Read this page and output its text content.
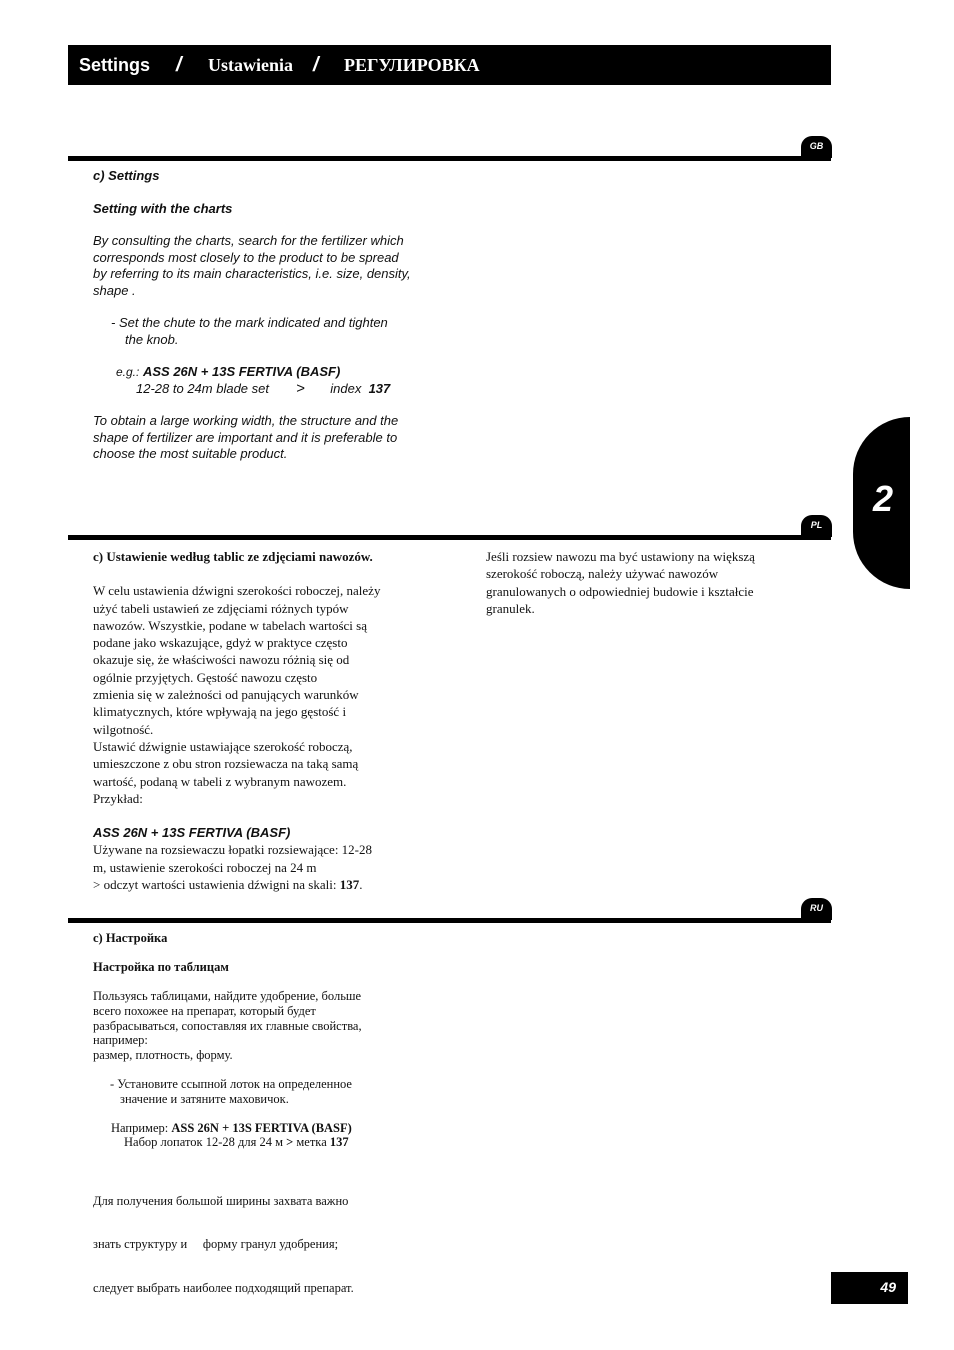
Settings / Ustawienia / РЕГУЛИРОВКА
2
GB
c) Settings
Setting with the charts
By consulting the charts, search for the fertilizer which
corresponds most closely to the product to be spread
by referring to its main characteristics, i.e. size, density,
shape .
- Set the chute to the mark indicated and tighten
the knob.
e.g.: ASS 26N + 13S FERTIVA (BASF)
12-28 to 24m blade set > index 137
To obtain a large working width, the structure and the
shape of fertilizer are important and it is preferable to
choose the most suitable product.
PL
c) Ustawienie według tablic ze zdjęciami nawozów.
W celu ustawienia dźwigni szerokości roboczej, należy
użyć tabeli ustawień ze zdjęciami różnych typów
nawozów. Wszystkie, podane w tabelach wartości są
podane jako wskazujące, gdyż w praktyce często
okazuje się, że właściwości nawozu różnią się od
ogólnie przyjętych. Gęstość nawozu często
zmienia się w zależności od panujących warunków
klimatycznych, które wpływają na jego gęstość i
wilgotność.
Ustawić dźwignie ustawiające szerokość roboczą,
umieszczone z obu stron rozsiewacza na taką samą
wartość, podaną w tabeli z wybranym nawozem.
Przykład:
ASS 26N + 13S FERTIVA (BASF)
Używane na rozsiewaczu łopatki rozsiewające: 12-28
m, ustawienie szerokości roboczej na 24 m
> odczyt wartości ustawienia dźwigni na skali: 137.
Jeśli rozsiew nawozu ma być ustawiony na większą
szerokość roboczą, należy używać nawozów
granulowanych o odpowiedniej budowie i kształcie
granulek.
RU
c) Настройка
Настройка по таблицам
Пользуясь таблицами, найдите удобрение, больше
всего похожее на препарат, который будет
разбрасываться, сопоставляя их главные свойства,
например:
размер, плотность, форму.
- Установите ссыпной лоток на определенное
значение и затяните маховичок.
Например: ASS 26N + 13S FERTIVA (BASF)
Набор лопаток 12-28 для 24 м > метка 137

Для получения большой ширины захвата важно

знать структуру и     форму гранул удобрения;

следует выбрать наиболее подходящий препарат.

	49
